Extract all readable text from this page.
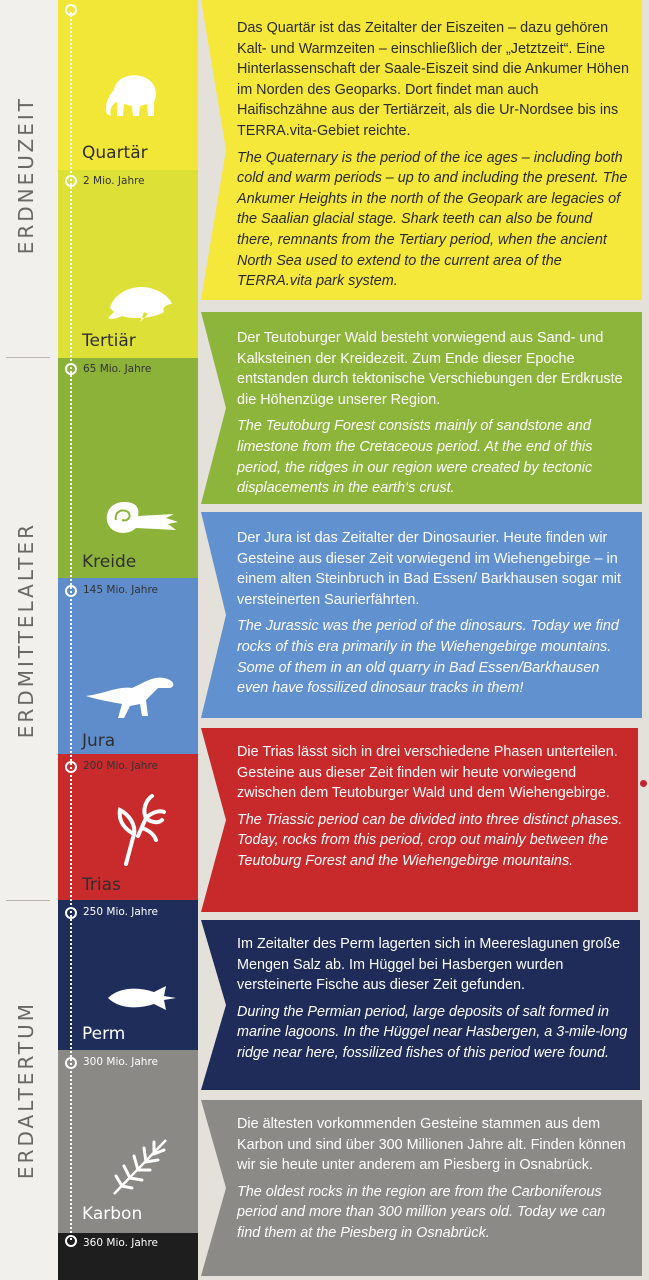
ERDNEUZEIT
ERDMITTELALTER
ERDALTERTUM
Quartär
2 Mio. Jahre
Tertiär
65 Mio. Jahre
Kreide
145 Mio. Jahre
Jura
200 Mio. Jahre
Trias
250 Mio. Jahre
Perm
300 Mio. Jahre
Karbon
360 Mio. Jahre

Das Quartär ist das Zeitalter der Eiszeiten – dazu gehören Kalt- und Warmzeiten – einschließlich der „Jetztzeit“. Eine Hinterlassenschaft der Saale-Eiszeit sind die Ankumer Höhen im Norden des Geoparks. Dort findet man auch Haifischzähne aus der Tertiärzeit, als die Ur-Nordsee bis ins TERRA.vita-Gebiet reichte.

The Quaternary is the period of the ice ages – including both cold and warm periods – up to and including the present. The Ankumer Heights in the north of the Geopark are legacies of the Saalian glacial stage. Shark teeth can also be found there, remnants from the Tertiary period, when the ancient North Sea used to extend to the current area of the TERRA.vita park system.

Der Teutoburger Wald besteht vorwiegend aus Sand- und Kalksteinen der Kreidezeit. Zum Ende dieser Epoche entstanden durch tektonische Verschiebungen der Erdkruste die Höhenzüge unserer Region.

The Teutoburg Forest consists mainly of sandstone and limestone from the Cretaceous period. At the end of this period, the ridges in our region were created by tectonic displacements in the earth‘s crust.

Der Jura ist das Zeitalter der Dinosaurier. Heute finden wir Gesteine aus dieser Zeit vorwiegend im Wiehengebirge – in einem alten Steinbruch in Bad Essen/ Barkhausen sogar mit versteinerten Saurierfährten.

The Jurassic was the period of the dinosaurs. Today we find rocks of this era primarily in the Wiehengebirge mountains. Some of them in an old quarry in Bad Essen/Barkhausen even have fossilized dinosaur tracks in them!

Die Trias lässt sich in drei verschiedene Phasen unterteilen. Gesteine aus dieser Zeit finden wir heute vorwiegend zwischen dem Teutoburger Wald und dem Wiehengebirge.

The Triassic period can be divided into three distinct phases. Today, rocks from this period, crop out mainly between the Teutoburg Forest and the Wiehengebirge mountains.

Im Zeitalter des Perm lagerten sich in Meereslagunen große Mengen Salz ab. Im Hüggel bei Hasbergen wurden versteinerte Fische aus dieser Zeit gefunden.

During the Permian period, large deposits of salt formed in marine lagoons. In the Hüggel near Hasbergen, a 3-mile-long ridge near here, fossilized fishes of this period were found.

Die ältesten vorkommenden Gesteine stammen aus dem Karbon und sind über 300 Millionen Jahre alt. Finden können wir sie heute unter anderem am Piesberg in Osnabrück.

The oldest rocks in the region are from the Carboniferous period and more than 300 million years old. Today we can find them at the Piesberg in Osnabrück.
